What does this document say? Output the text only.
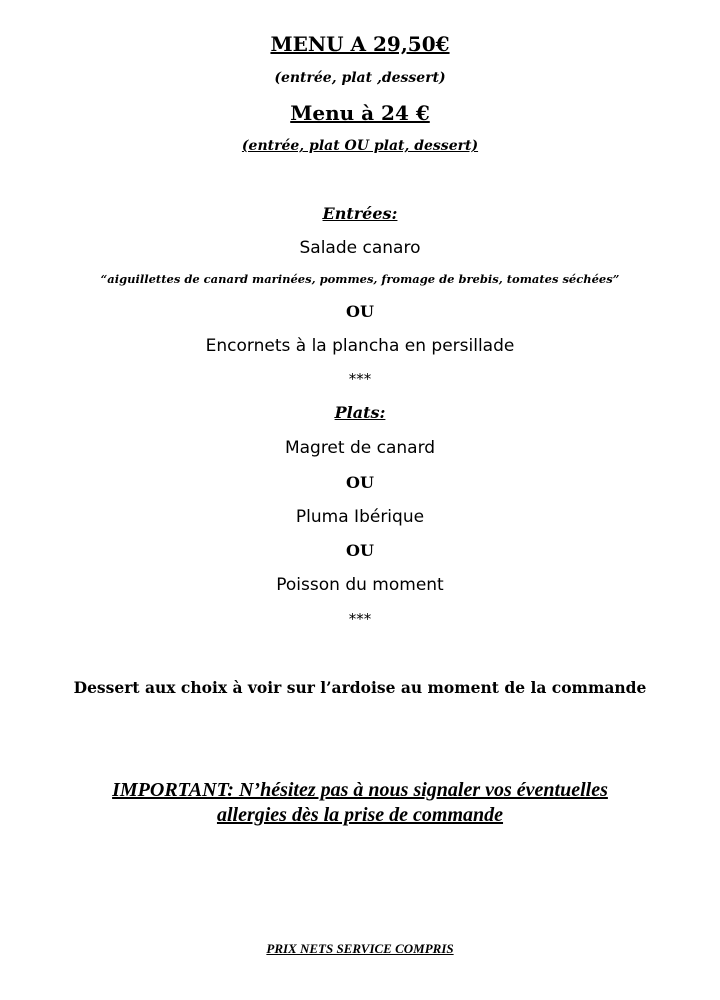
MENU A 29,50€
(entrée, plat ,dessert)
Menu à 24 €
(entrée, plat OU plat, dessert)
Entrées:
Salade canaro
“aiguillettes de canard marinées, pommes, fromage de brebis, tomates séchées”
OU
Encornets à la plancha en persillade
***
Plats:
Magret de canard
OU
Pluma Ibérique
OU
Poisson du moment
***
Dessert aux choix à voir sur l’ardoise au moment de la commande
IMPORTANT: N’hésitez pas à nous signaler vos éventuelles
allergies dès la prise de commande
PRIX NETS SERVICE COMPRIS
